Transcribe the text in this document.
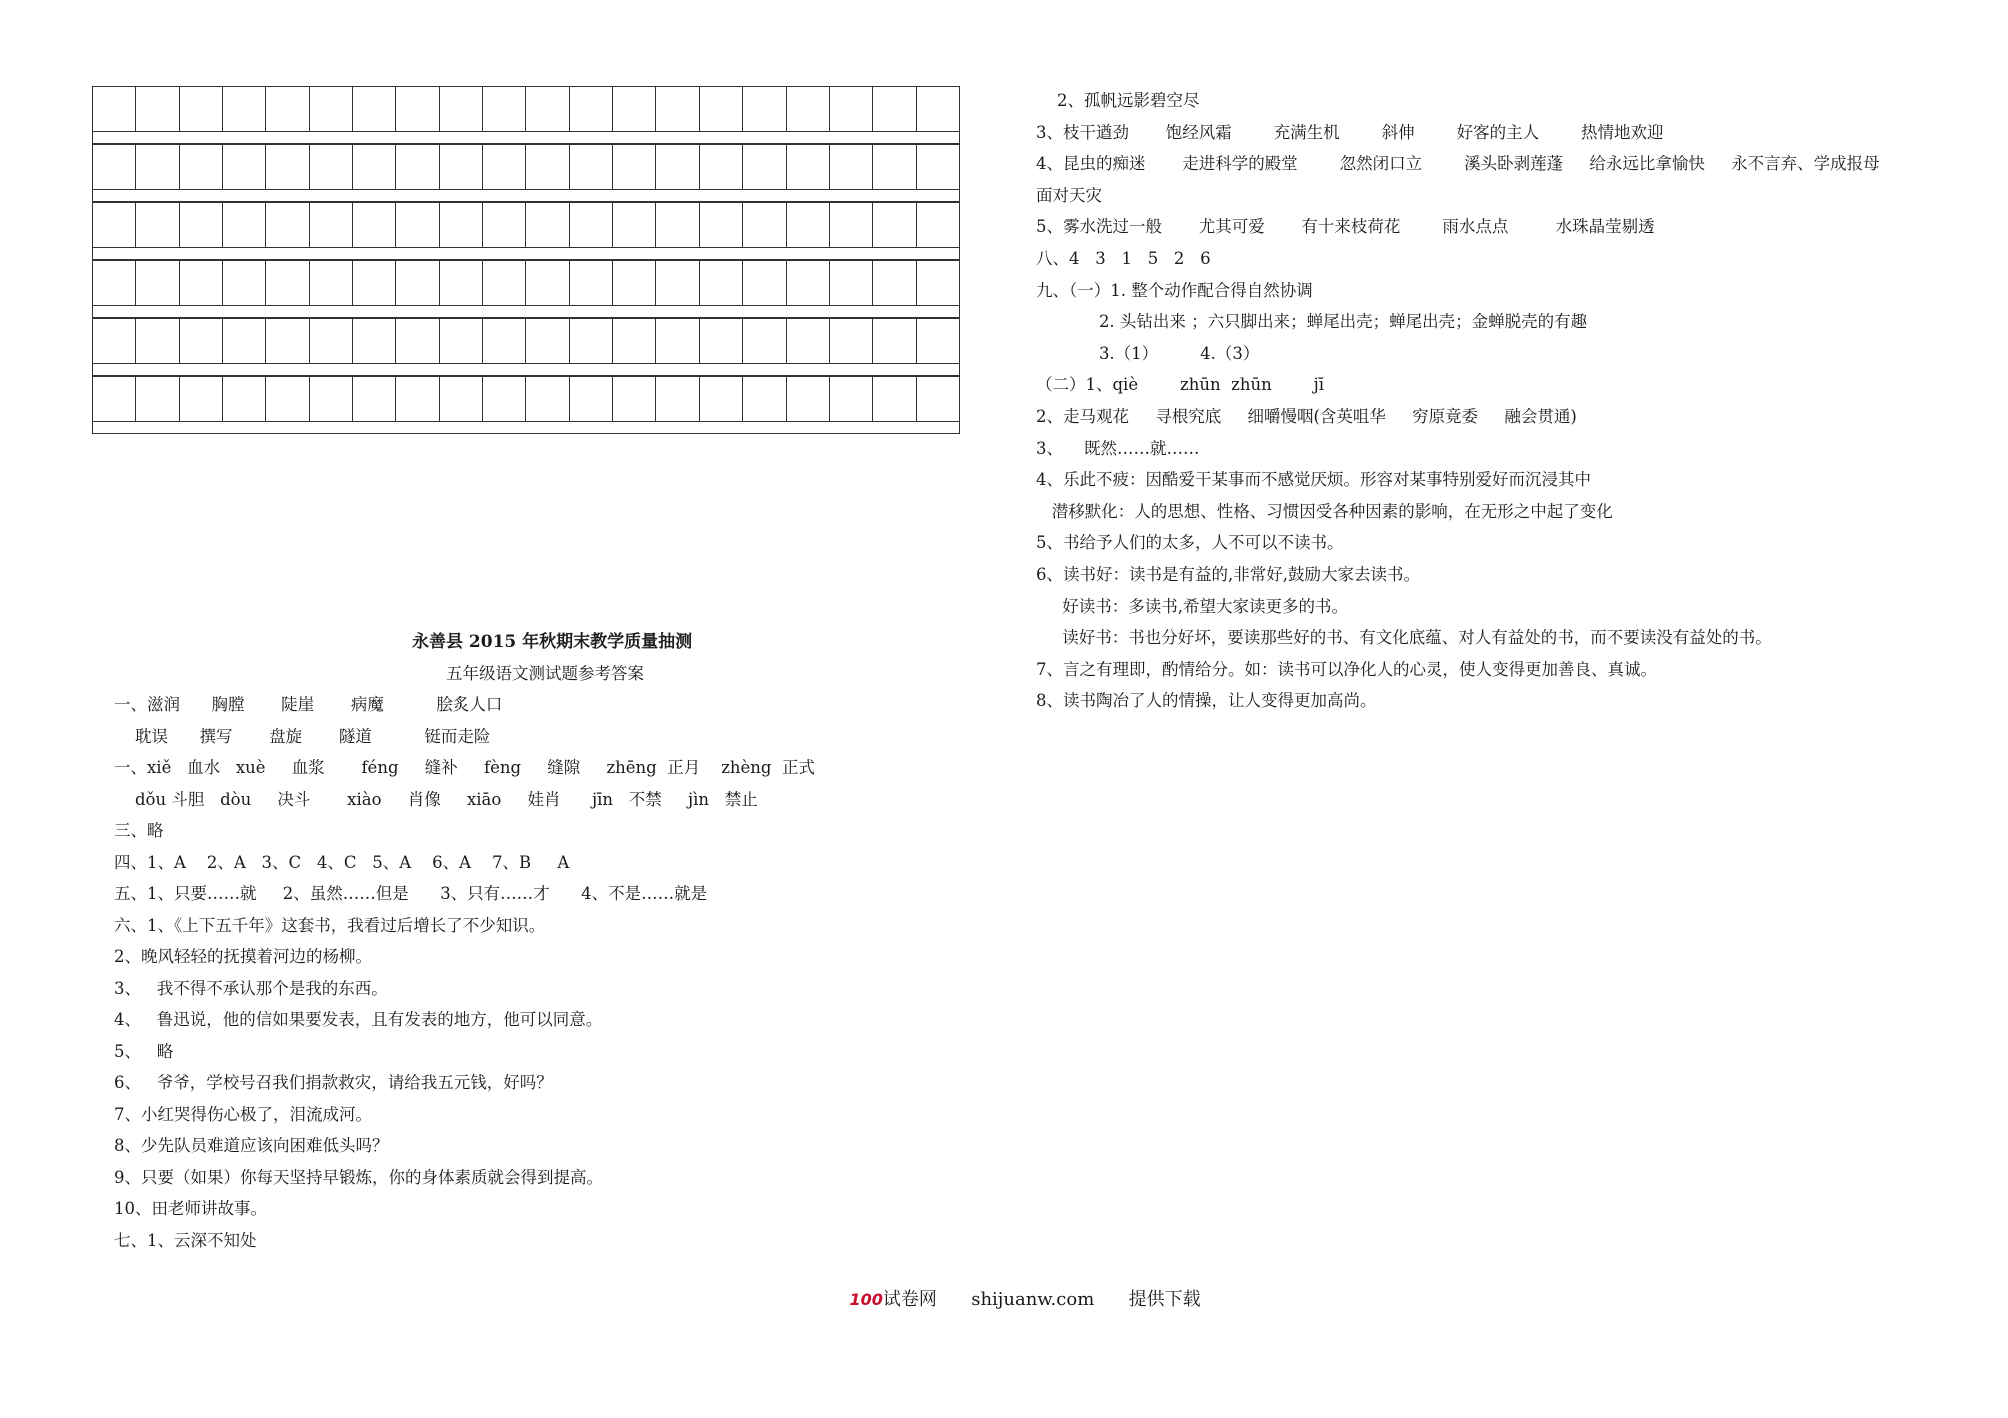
永善县 2015 年秋期末教学质量抽测
五年级语文测试题参考答案
一、滋润      胸膛       陡崖       病魔          脍炙人口
耽误      撰写       盘旋       隧道          铤而走险
一、xiě   血水   xuè     血浆       féng     缝补     fèng     缝隙     zhēng  正月    zhèng  正式
dǒu 斗胆   dòu     决斗       xiào     肖像     xiāo     娃肖      jīn   不禁     jìn   禁止
三、略
四、1、A    2、A   3、C   4、C   5、A    6、A    7、B     A
五、1、只要……就     2、虽然……但是      3、只有……才      4、不是……就是
六、1、《上下五千年》这套书，我看过后增长了不少知识。
2、晚风轻轻的抚摸着河边的杨柳。
3、   我不得不承认那个是我的东西。
4、   鲁迅说，他的信如果要发表，且有发表的地方，他可以同意。
5、   略
6、   爷爷，学校号召我们捐款救灾，请给我五元钱，好吗？
7、小红哭得伤心极了，泪流成河。
8、少先队员难道应该向困难低头吗？
9、只要（如果）你每天坚持早锻炼，你的身体素质就会得到提高。
10、田老师讲故事。
七、1、云深不知处
2、孤帆远影碧空尽
3、枝干遒劲       饱经风霜        充满生机        斜伸        好客的主人        热情地欢迎
4、昆虫的痴迷       走进科学的殿堂        忽然闭口立        溪头卧剥莲蓬     给永远比拿愉快     永不言弃、学成报母
面对天灾
5、雾水洗过一般       尤其可爱       有十来枝荷花        雨水点点         水珠晶莹剔透
八、4   3   1   5   2   6
九、（一）1. 整个动作配合得自然协调
2. 头钻出来 ；六只脚出来；蝉尾出壳；蝉尾出壳；金蝉脱壳的有趣
3.（1）        4.（3）
（二）1、qiè        zhūn  zhūn        jī
2、走马观花     寻根究底     细嚼慢咽(含英咀华     穷原竟委     融会贯通)
3、    既然……就……
4、乐此不疲：因酷爱干某事而不感觉厌烦。形容对某事特别爱好而沉浸其中
潜移默化：人的思想、性格、习惯因受各种因素的影响，在无形之中起了变化
5、书给予人们的太多，人不可以不读书。
6、读书好：读书是有益的,非常好,鼓励大家去读书。
好读书：多读书,希望大家读更多的书。
读好书：书也分好坏，要读那些好的书、有文化底蕴、对人有益处的书，而不要读没有益处的书。
7、言之有理即，酌情给分。如：读书可以净化人的心灵，使人变得更加善良、真诚。
8、读书陶冶了人的情操，让人变得更加高尚。

100试卷网 shijuanw.com 提供下载
